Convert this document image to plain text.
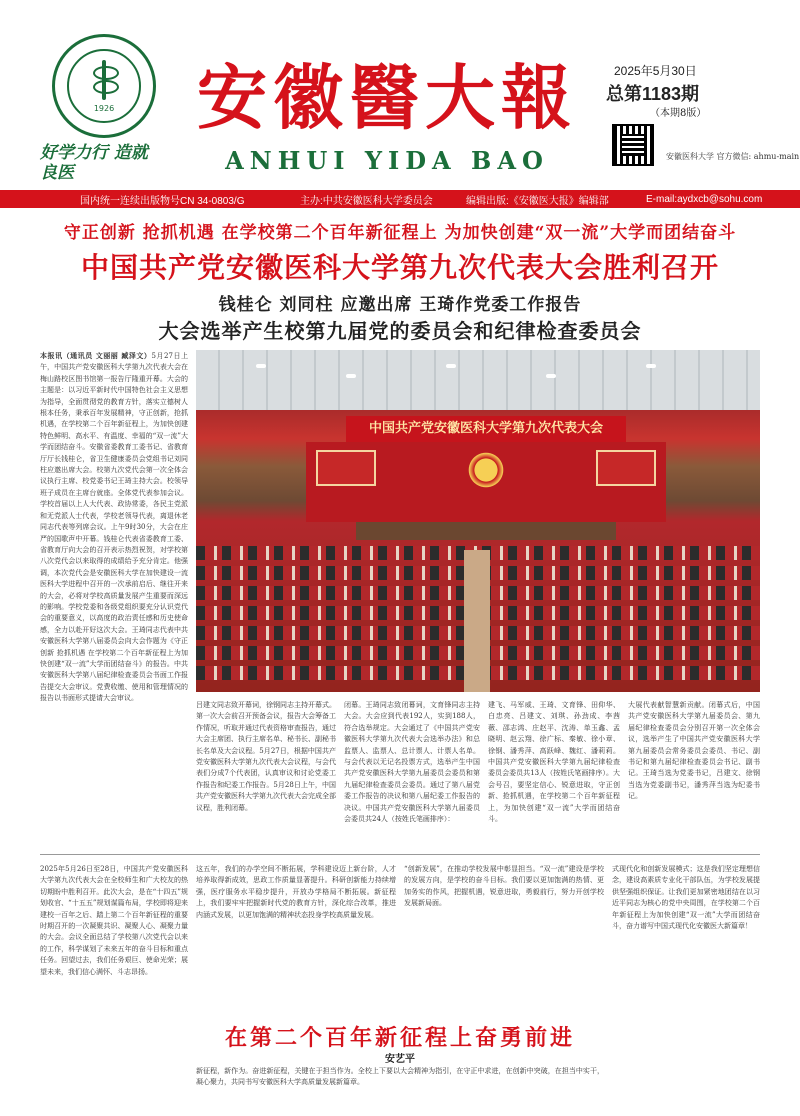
1926
好学力行 造就良医
安徽醫大報
ANHUI YIDA BAO
2025年5月30日
总第1183期
（本期8版）
安徽医科大学 官方微信: ahmu-main
国内统一连续出版物号CN 34-0803/G	主办:中共安徽医科大学委员会	编辑出版:《安徽医大报》编辑部	E-mail:aydxcb@sohu.com
守正创新 抢抓机遇 在学校第二个百年新征程上 为加快创建“双一流”大学而团结奋斗
中国共产党安徽医科大学第九次代表大会胜利召开
钱桂仑 刘同柱 应邀出席 王琦作党委工作报告
大会选举产生校第九届党的委员会和纪律检查委员会
本报讯（通讯员 文丽丽 臧泽文）5月27日上午，中国共产党安徽医科大学第九次代表大会在梅山路校区图书馆第一报告厅隆重开幕。大会的主题是：以习近平新时代中国特色社会主义思想为指导，全面贯彻党的教育方针，落实立德树人根本任务，秉承百年发展精神，守正创新，抢抓机遇，在学校第二个百年新征程上，为加快创建特色鲜明、高水平、有温度、幸福的“双一流”大学而团结奋斗。安徽省委教育工委书记、省教育厅厅长钱桂仑，省卫生健康委员会党组书记刘同柱应邀出席大会。校第九次党代会第一次全体会议执行主席、校党委书记王琦主持大会。校领导班子成员在主席台就座。全体党代表参加会议。学校首届以上人大代表、政协常委，各民主党派和无党派人士代表，学校老领导代表，离退休老同志代表等列席会议。上午9时30分，大会在庄严的国歌声中开幕。钱桂仑代表省委教育工委、省教育厅向大会的召开表示热烈祝贺，对学校第八次党代会以来取得的成绩给予充分肯定。他强调，本次党代会是安徽医科大学在加快建设一流医科大学进程中召开的一次承前启后、继往开来的大会，必将对学校高质量发展产生重要而深远的影响。学校党委和各级党组织要充分认识党代会的重要意义，以高度的政治责任感和历史使命感，全力以赴开好这次大会。王琦同志代表中共安徽医科大学第八届委员会向大会作题为《守正创新 抢抓机遇 在学校第二个百年新征程上为加快创建“双一流”大学而团结奋斗》的报告。中共安徽医科大学第八届纪律检查委员会书面工作报告提交大会审议。党费收缴、使用和管理情况的报告以书面形式提请大会审议。
中国共产党安徽医科大学第九次代表大会
吕建文同志致开幕词，徐钢同志主持开幕式。第一次大会前召开预备会议，报告大会筹备工作情况，听取并通过代表资格审查报告，通过大会主席团、执行主席名单、秘书长、副秘书长名单及大会议程。5月27日，根据中国共产党安徽医科大学第九次代表大会议程，与会代表们分成7个代表团，认真审议和讨论党委工作报告和纪委工作报告。5月28日上午，中国共产党安徽医科大学第九次代表大会完成全部议程，胜利闭幕。
闭幕。王琦同志致闭幕词，文育锋同志主持大会。大会应到代表192人，实到188人，符合选举规定。大会通过了《中国共产党安徽医科大学第九次代表大会选举办法》和总监票人、监票人、总计票人、计票人名单。与会代表以无记名投票方式，选举产生中国共产党安徽医科大学第九届委员会委员和第九届纪律检查委员会委员。通过了第八届党委工作报告的决议和第八届纪委工作报告的决议。中国共产党安徽医科大学第九届委员会委员共24人（按姓氏笔画排序）：
建飞、马军威、王琦、文育锋、田仰华、白忠亮、吕建文、刘琪、孙劲成、李茜薇、邵志鸿、庄赵平、沈涛、单玉鑫、孟晓明、赵云翔、徐广标、秦敏、徐小章、徐钢、潘秀萍、高跃峰、魏红、潘莉莉。中国共产党安徽医科大学第九届纪律检查委员会委员共13人（按姓氏笔画排序）。大会号召，要坚定信心、锐意进取，守正创新、抢抓机遇，在学校第二个百年新征程上，为加快创建“双一流”大学而团结奋斗。
大展代表献智慧新贡献。闭幕式后，中国共产党安徽医科大学第九届委员会、第九届纪律检查委员会分别召开第一次全体会议，选举产生了中国共产党安徽医科大学第九届委员会常务委员会委员、书记、副书记和第九届纪律检查委员会书记、副书记。王琦当选为党委书记，吕建文、徐钢当选为党委副书记，潘秀萍当选为纪委书记。
2025年5月26日至28日，中国共产党安徽医科大学第九次代表大会在全校师生和广大校友的热切期盼中胜利召开。此次大会，是在“十四五”规划收官、“十五五”规划谋篇布局，学校即将迎来建校一百年之后、踏上第二个百年新征程的重要时期召开的一次凝聚共识、凝聚人心、凝聚力量的大会。会议全面总结了学校第八次党代会以来的工作，科学谋划了未来五年的奋斗目标和重点任务。回望过去，我们任务艰巨、使命光荣；展望未来，我们信心满怀、斗志昂扬。
这五年，我们的办学空间不断拓展，学科建设迈上新台阶，人才培养取得新成效，思政工作质量显著提升。科研创新能力持续增强，医疗服务水平稳步提升，开放办学格局不断拓展。新征程上，我们要牢牢把握新时代党的教育方针，深化综合改革，推进内涵式发展，以更加饱满的精神状态投身学校高质量发展。
“创新发展”，在推动学校发展中彰显担当。“双一流”建设是学校的发展方向，是学校的奋斗目标。我们要以更加饱满的热情、更加务实的作风，把握机遇，锐意进取，勇毅前行，努力开创学校发展新局面。
在第二个百年新征程上奋勇前进
安艺平
新征程，新作为。奋进新征程，关键在于担当作为。全校上下要以大会精神为指引，在守正中求进，在创新中突破，在担当中实干，凝心聚力，共同书写安徽医科大学高质量发展新篇章。
式现代化和创新发展模式；这是我们坚定理想信念，建设高素质专业化干部队伍，为学校发展提供坚强组织保证。让我们更加紧密地团结在以习近平同志为核心的党中央周围，在学校第二个百年新征程上为加快创建“双一流”大学而团结奋斗，奋力谱写中国式现代化安徽医大新篇章！
